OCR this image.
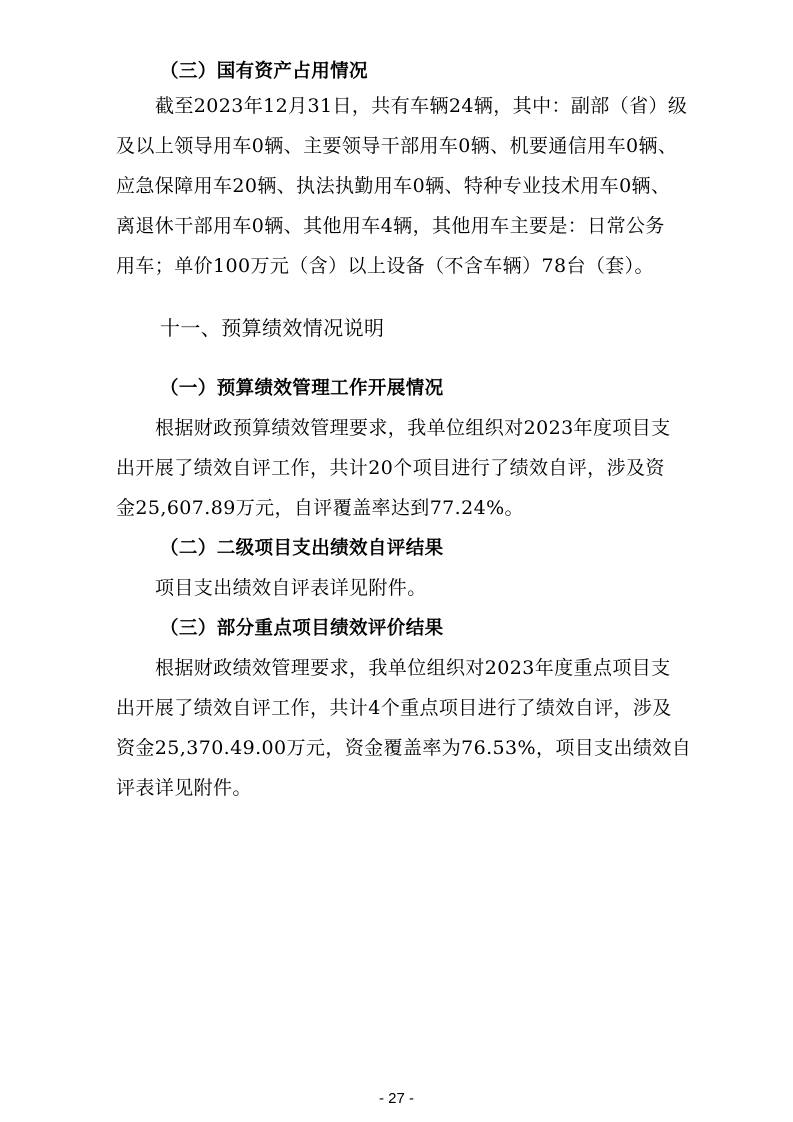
（三）国有资产占用情况

截至2023年12月31日，共有车辆24辆，其中：副部（省）级

及以上领导用车0辆、主要领导干部用车0辆、机要通信用车0辆、

应急保障用车20辆、执法执勤用车0辆、特种专业技术用车0辆、

离退休干部用车0辆、其他用车4辆，其他用车主要是：日常公务

用车；单价100万元（含）以上设备（不含车辆）78台（套）。

十一、预算绩效情况说明

（一）预算绩效管理工作开展情况

根据财政预算绩效管理要求，我单位组织对2023年度项目支

出开展了绩效自评工作，共计20个项目进行了绩效自评，涉及资

金25,607.89万元，自评覆盖率达到77.24%。

（二）二级项目支出绩效自评结果

项目支出绩效自评表详见附件。

（三）部分重点项目绩效评价结果

根据财政绩效管理要求，我单位组织对2023年度重点项目支

出开展了绩效自评工作，共计4个重点项目进行了绩效自评，涉及

资金25,370.49.00万元，资金覆盖率为76.53%，项目支出绩效自

评表详见附件。

- 27 -
